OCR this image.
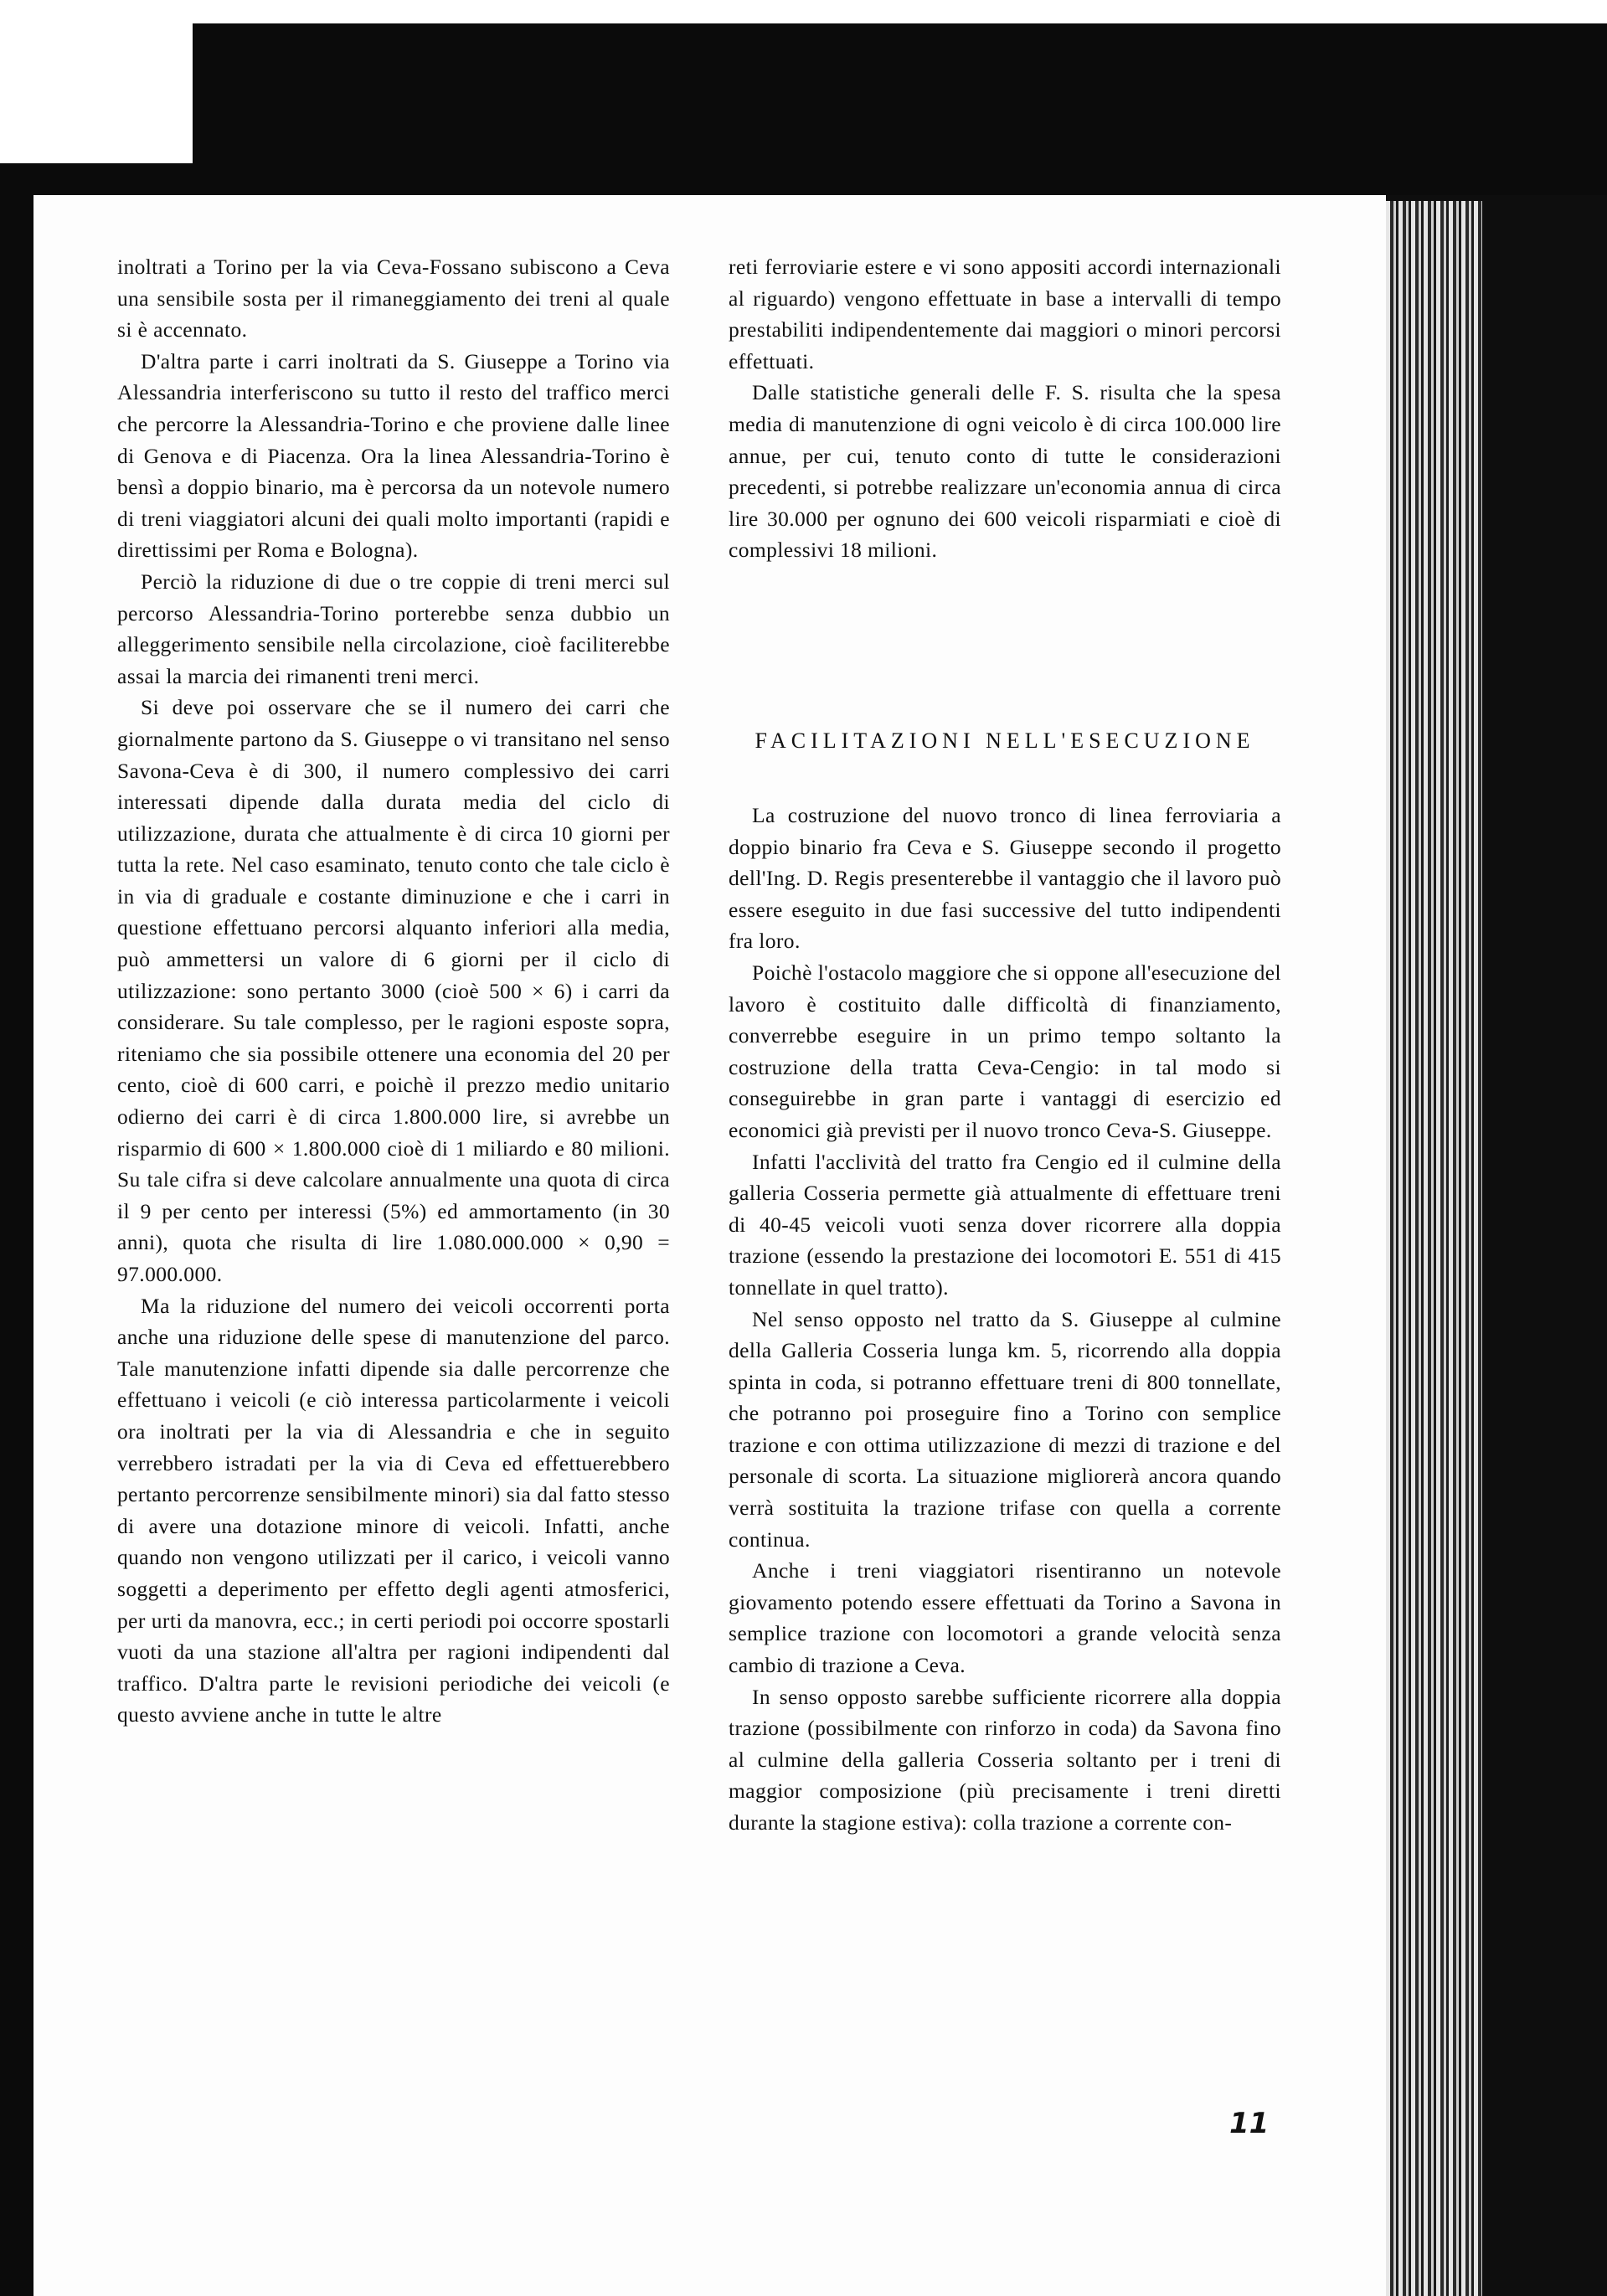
inoltrati a Torino per la via Ceva-Fossano subiscono a Ceva una sensibile sosta per il rimaneggiamento dei treni al quale si è accennato.

D'altra parte i carri inoltrati da S. Giuseppe a Torino via Alessandria interferiscono su tutto il resto del traffico merci che percorre la Alessandria-Torino e che proviene dalle linee di Genova e di Piacenza. Ora la linea Alessandria-Torino è bensì a doppio binario, ma è percorsa da un notevole numero di treni viaggiatori alcuni dei quali molto importanti (rapidi e direttissimi per Roma e Bologna).

Perciò la riduzione di due o tre coppie di treni merci sul percorso Alessandria-Torino porterebbe senza dubbio un alleggerimento sensibile nella circolazione, cioè faciliterebbe assai la marcia dei rimanenti treni merci.

Si deve poi osservare che se il numero dei carri che giornalmente partono da S. Giuseppe o vi transitano nel senso Savona-Ceva è di 300, il numero complessivo dei carri interessati dipende dalla durata media del ciclo di utilizzazione, durata che attualmente è di circa 10 giorni per tutta la rete. Nel caso esaminato, tenuto conto che tale ciclo è in via di graduale e costante diminuzione e che i carri in questione effettuano percorsi alquanto inferiori alla media, può ammettersi un valore di 6 giorni per il ciclo di utilizzazione: sono pertanto 3000 (cioè 500 × 6) i carri da considerare. Su tale complesso, per le ragioni esposte sopra, riteniamo che sia possibile ottenere una economia del 20 per cento, cioè di 600 carri, e poichè il prezzo medio unitario odierno dei carri è di circa 1.800.000 lire, si avrebbe un risparmio di 600 × 1.800.000 cioè di 1 miliardo e 80 milioni. Su tale cifra si deve calcolare annualmente una quota di circa il 9 per cento per interessi (5%) ed ammortamento (in 30 anni), quota che risulta di lire 1.080.000.000 × 0,90 = 97.000.000.

Ma la riduzione del numero dei veicoli occorrenti porta anche una riduzione delle spese di manutenzione del parco. Tale manutenzione infatti dipende sia dalle percorrenze che effettuano i veicoli (e ciò interessa particolarmente i veicoli ora inoltrati per la via di Alessandria e che in seguito verrebbero istradati per la via di Ceva ed effettuerebbero pertanto percorrenze sensibilmente minori) sia dal fatto stesso di avere una dotazione minore di veicoli. Infatti, anche quando non vengono utilizzati per il carico, i veicoli vanno soggetti a deperimento per effetto degli agenti atmosferici, per urti da manovra, ecc.; in certi periodi poi occorre spostarli vuoti da una stazione all'altra per ragioni indipendenti dal traffico. D'altra parte le revisioni periodiche dei veicoli (e questo avviene anche in tutte le altre

reti ferroviarie estere e vi sono appositi accordi internazionali al riguardo) vengono effettuate in base a intervalli di tempo prestabiliti indipendentemente dai maggiori o minori percorsi effettuati.

Dalle statistiche generali delle F. S. risulta che la spesa media di manutenzione di ogni veicolo è di circa 100.000 lire annue, per cui, tenuto conto di tutte le considerazioni precedenti, si potrebbe realizzare un'economia annua di circa lire 30.000 per ognuno dei 600 veicoli risparmiati e cioè di complessivi 18 milioni.

FACILITAZIONI NELL'ESECUZIONE

La costruzione del nuovo tronco di linea ferroviaria a doppio binario fra Ceva e S. Giuseppe secondo il progetto dell'Ing. D. Regis presenterebbe il vantaggio che il lavoro può essere eseguito in due fasi successive del tutto indipendenti fra loro.

Poichè l'ostacolo maggiore che si oppone all'esecuzione del lavoro è costituito dalle difficoltà di finanziamento, converrebbe eseguire in un primo tempo soltanto la costruzione della tratta Ceva-Cengio: in tal modo si conseguirebbe in gran parte i vantaggi di esercizio ed economici già previsti per il nuovo tronco Ceva-S. Giuseppe.

Infatti l'acclività del tratto fra Cengio ed il culmine della galleria Cosseria permette già attualmente di effettuare treni di 40-45 veicoli vuoti senza dover ricorrere alla doppia trazione (essendo la prestazione dei locomotori E. 551 di 415 tonnellate in quel tratto).

Nel senso opposto nel tratto da S. Giuseppe al culmine della Galleria Cosseria lunga km. 5, ricorrendo alla doppia spinta in coda, si potranno effettuare treni di 800 tonnellate, che potranno poi proseguire fino a Torino con semplice trazione e con ottima utilizzazione di mezzi di trazione e del personale di scorta. La situazione migliorerà ancora quando verrà sostituita la trazione trifase con quella a corrente continua.

Anche i treni viaggiatori risentiranno un notevole giovamento potendo essere effettuati da Torino a Savona in semplice trazione con locomotori a grande velocità senza cambio di trazione a Ceva.

In senso opposto sarebbe sufficiente ricorrere alla doppia trazione (possibilmente con rinforzo in coda) da Savona fino al culmine della galleria Cosseria soltanto per i treni di maggior composizione (più precisamente i treni diretti durante la stagione estiva): colla trazione a corrente con-

11
